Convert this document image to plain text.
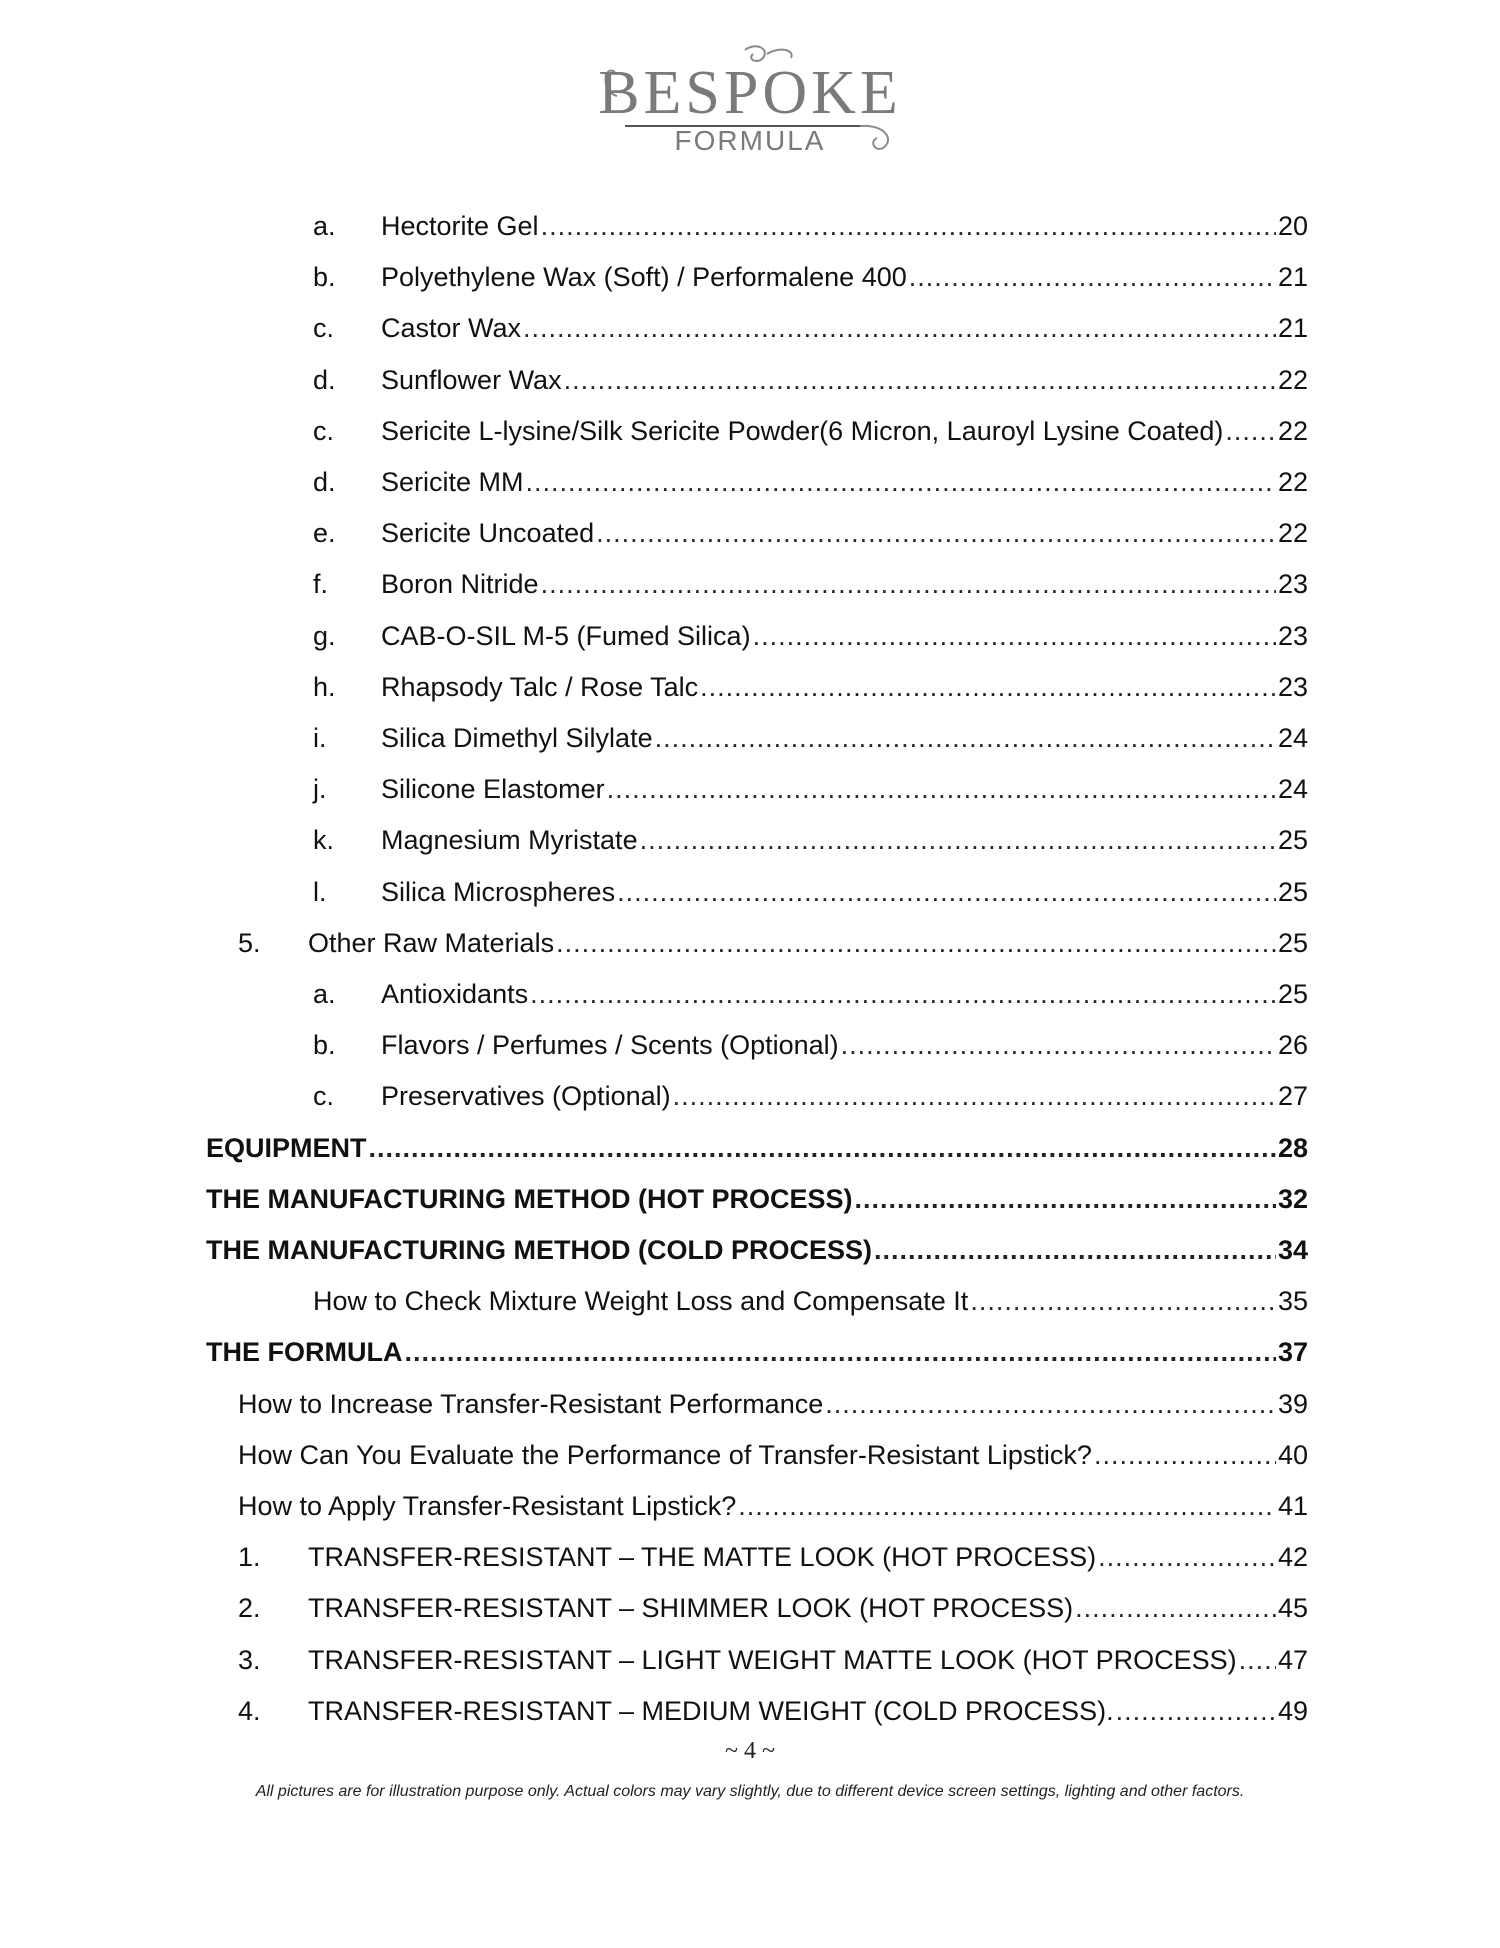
BESPOKE
FORMULA
a. Hectorite Gel .....	20
b. Polyethylene Wax (Soft) / Performalene 400 .....	21
c. Castor Wax .....	21
d. Sunflower Wax .....	22
c. Sericite L-lysine/Silk Sericite Powder(6 Micron, Lauroyl Lysine Coated) ..... 22
d. Sericite MM .....	22
e. Sericite Uncoated .....	22
f. Boron Nitride .....	23
g. CAB-O-SIL M-5 (Fumed Silica) .....	23
h. Rhapsody Talc / Rose Talc .....	23
i. Silica Dimethyl Silylate .....	24
j. Silicone Elastomer .....	24
k. Magnesium Myristate .....	25
l. Silica Microspheres .....	25
5. Other Raw Materials .....	25
a. Antioxidants .....	25
b. Flavors / Perfumes / Scents (Optional) .....	26
c. Preservatives (Optional) .....	27
EQUIPMENT .....	28
THE MANUFACTURING METHOD (HOT PROCESS) .....	32
THE MANUFACTURING METHOD (COLD PROCESS) .....	34
How to Check Mixture Weight Loss and Compensate It .....	35
THE FORMULA .....	37
How to Increase Transfer-Resistant Performance .....	39
How Can You Evaluate the Performance of Transfer-Resistant Lipstick? .....	40
How to Apply Transfer-Resistant Lipstick? .....	41
1. TRANSFER-RESISTANT – THE MATTE LOOK (HOT PROCESS) .....	42
2. TRANSFER-RESISTANT – SHIMMER LOOK (HOT PROCESS) .....	45
3. TRANSFER-RESISTANT – LIGHT WEIGHT MATTE LOOK (HOT PROCESS) ..... 47
4. TRANSFER-RESISTANT – MEDIUM WEIGHT (COLD PROCESS). .....	49
~ 4 ~
All pictures are for illustration purpose only. Actual colors may vary slightly, due to different device screen settings, lighting and other factors.
